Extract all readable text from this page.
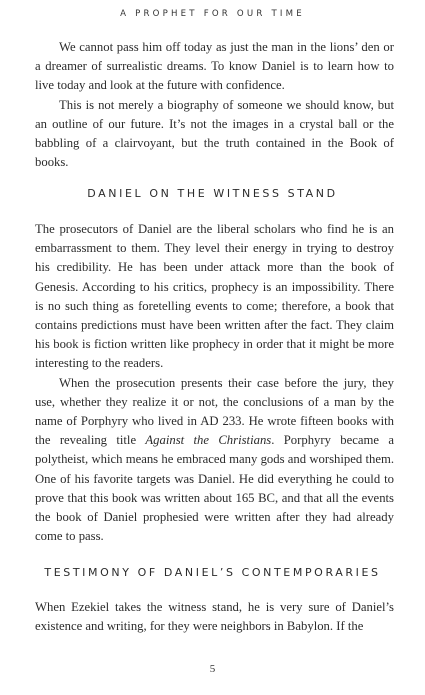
A PROPHET FOR OUR TIME

We cannot pass him off today as just the man in the lions’ den or a dreamer of surrealistic dreams. To know Daniel is to learn how to live today and look at the future with confidence.

This is not merely a biography of someone we should know, but an outline of our future. It’s not the images in a crystal ball or the babbling of a clairvoyant, but the truth contained in the Book of books.

DANIEL ON THE WITNESS STAND

The prosecutors of Daniel are the liberal scholars who find he is an embarrassment to them. They level their energy in trying to destroy his credibility. He has been under attack more than the book of Genesis. According to his critics, prophecy is an impossibility. There is no such thing as foretelling events to come; therefore, a book that contains predictions must have been written after the fact. They claim his book is fiction written like prophecy in order that it might be more interesting to the readers.

When the prosecution presents their case before the jury, they use, whether they realize it or not, the conclusions of a man by the name of Porphyry who lived in AD 233. He wrote fifteen books with the revealing title Against the Christians. Porphyry became a polytheist, which means he embraced many gods and worshiped them. One of his favorite targets was Daniel. He did everything he could to prove that this book was written about 165 BC, and that all the events the book of Daniel prophesied were written after they had already come to pass.

TESTIMONY OF DANIEL’S CONTEMPORARIES

When Ezekiel takes the witness stand, he is very sure of Daniel’s existence and writing, for they were neighbors in Babylon. If the

5
